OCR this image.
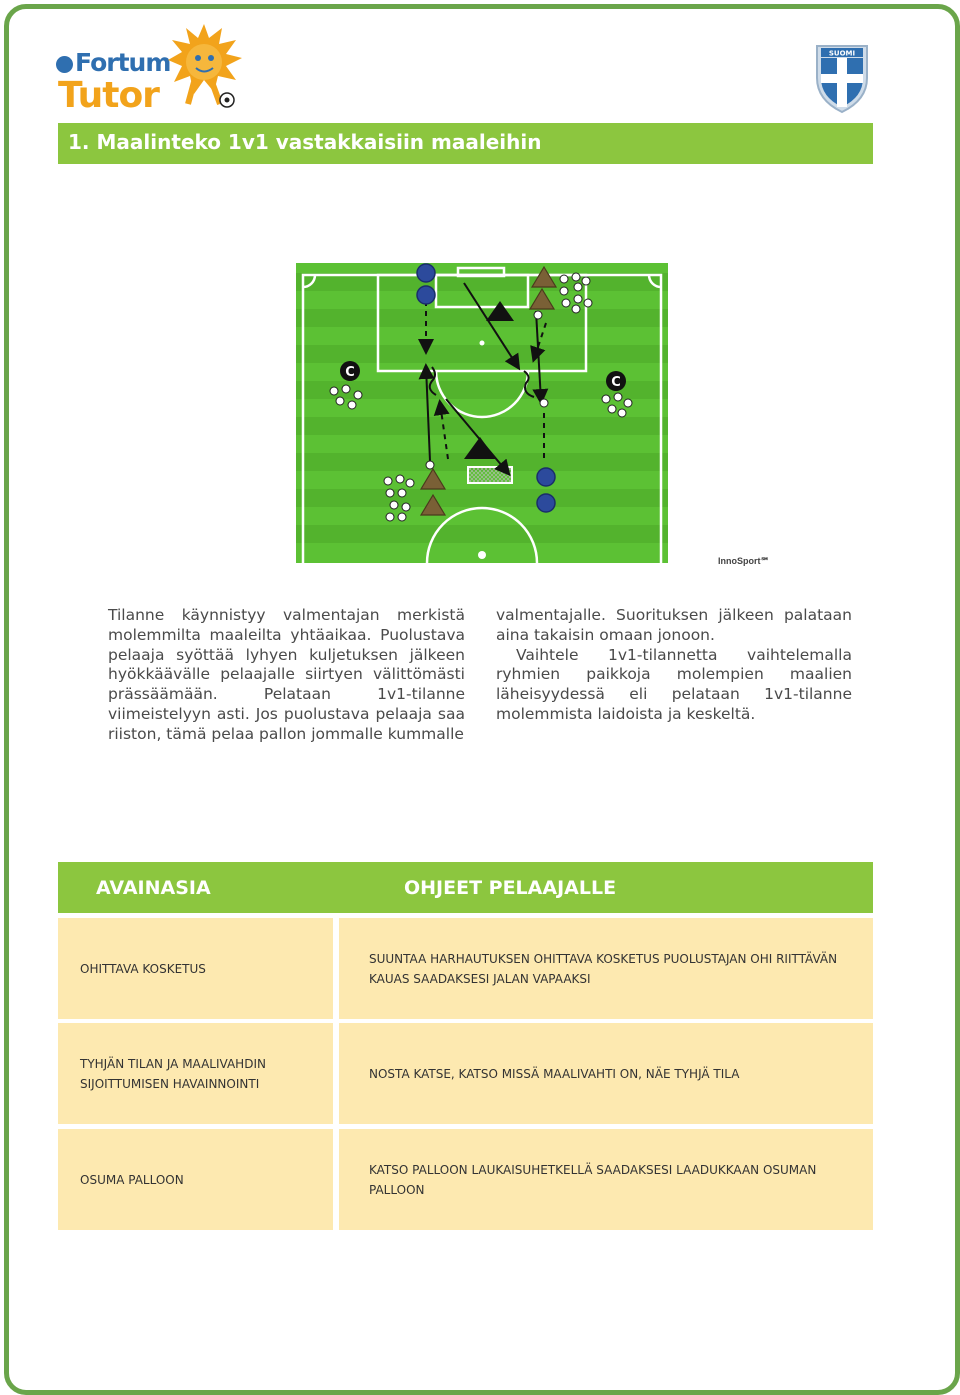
Fortum
Tutor
SUOMI
1. Maalinteko 1v1 vastakkaisiin maaleihin
C
C
InnoSport℠

Tilanne käynnistyy valmentajan merkistä molemmilta maaleilta yhtäaikaa. Puolustava pelaaja syöttää lyhyen kuljetuksen jälkeen hyökkäävälle pelaajalle siirtyen välittömästi prässäämään. Pelataan 1v1-tilanne viimeistelyyn asti. Jos puolustava pelaaja saa riiston, tämä pelaa pallon jommalle kummalle

valmentajalle. Suorituksen jälkeen palataan aina takaisin omaan jonoon.

Vaihtele 1v1-tilannetta vaihtelemalla ryhmien paikkoja molempien maalien läheisyydessä eli pelataan 1v1-tilanne molemmista laidoista ja keskeltä.

AVAINASIA	OHJEET PELAAJALLE
OHITTAVA KOSKETUS
SUUNTAA HARHAUTUKSEN OHITTAVA KOSKETUS PUOLUSTAJAN OHI RIITTÄVÄN KAUAS SAADAKSESI JALAN VAPAAKSI
TYHJÄN TILAN JA MAALIVAHDIN SIJOITTUMISEN HAVAINNOINTI
NOSTA KATSE, KATSO MISSÄ MAALIVAHTI ON, NÄE TYHJÄ TILA
OSUMA PALLOON
KATSO PALLOON LAUKAISUHETKELLÄ SAADAKSESI LAADUKKAAN OSUMAN PALLOON
